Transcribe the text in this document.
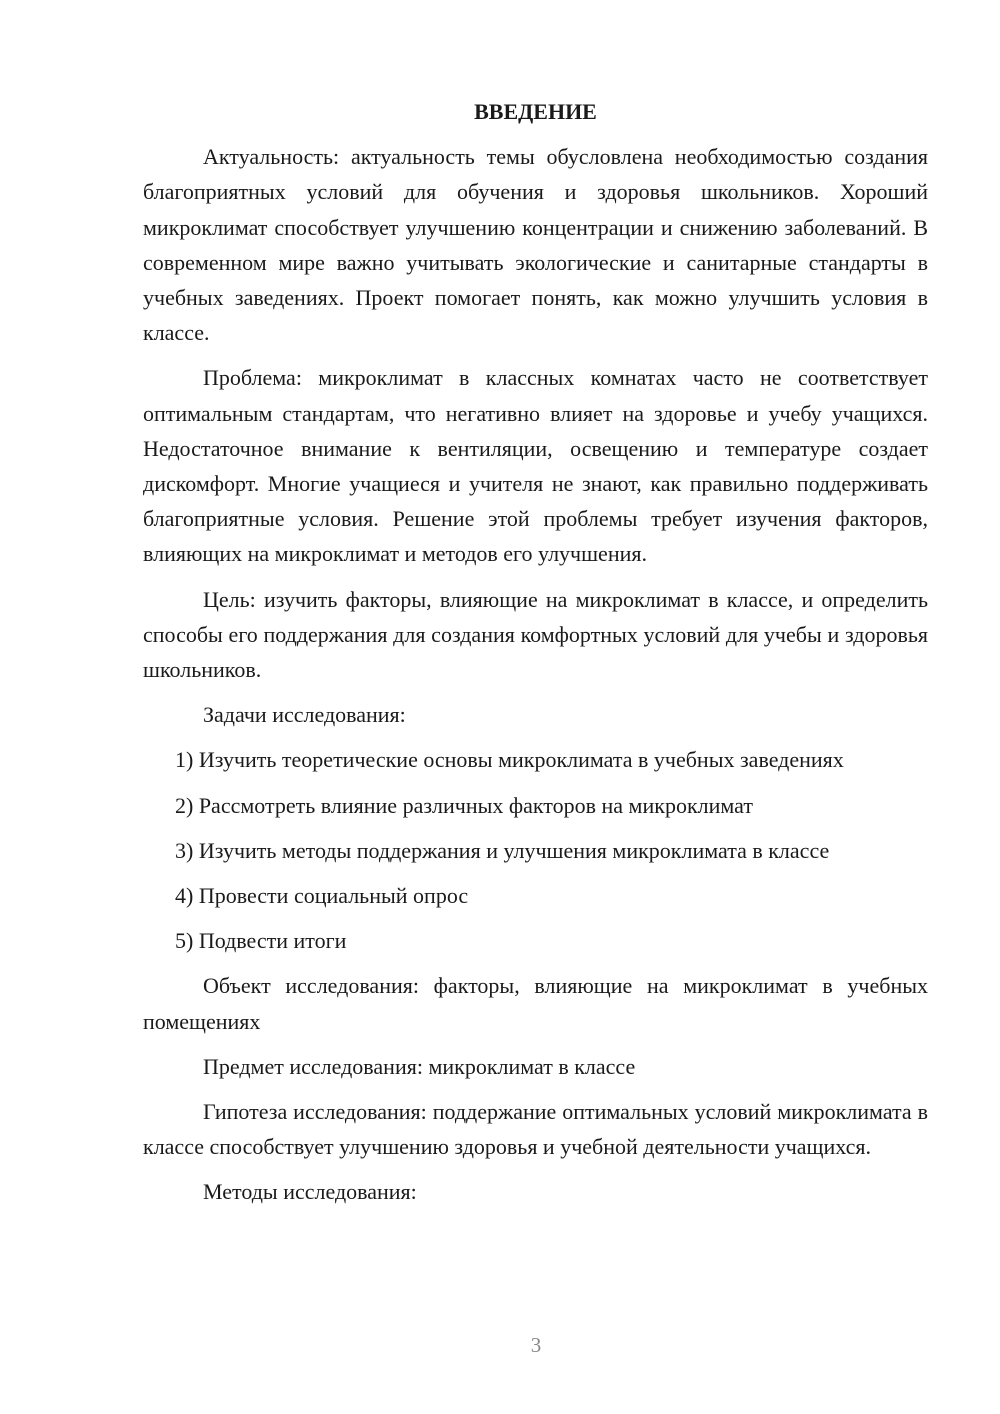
ВВЕДЕНИЕ

Актуальность: актуальность темы обусловлена необходимостью создания благоприятных условий для обучения и здоровья школьников. Хороший микроклимат способствует улучшению концентрации и снижению заболеваний. В современном мире важно учитывать экологические и санитарные стандарты в учебных заведениях. Проект помогает понять, как можно улучшить условия в классе.

Проблема: микроклимат в классных комнатах часто не соответствует оптимальным стандартам, что негативно влияет на здоровье и учебу учащихся. Недостаточное внимание к вентиляции, освещению и температуре создает дискомфорт. Многие учащиеся и учителя не знают, как правильно поддерживать благоприятные условия. Решение этой проблемы требует изучения факторов, влияющих на микроклимат и методов его улучшения.

Цель: изучить факторы, влияющие на микроклимат в классе, и определить способы его поддержания для создания комфортных условий для учебы и здоровья школьников.

Задачи исследования:

1) Изучить теоретические основы микроклимата в учебных заведениях
2) Рассмотреть влияние различных факторов на микроклимат
3) Изучить методы поддержания и улучшения микроклимата в классе
4) Провести социальный опрос
5) Подвести итоги

Объект исследования: факторы, влияющие на микроклимат в учебных помещениях

Предмет исследования: микроклимат в классе

Гипотеза исследования: поддержание оптимальных условий микроклимата в классе способствует улучшению здоровья и учебной деятельности учащихся.

Методы исследования:

3
